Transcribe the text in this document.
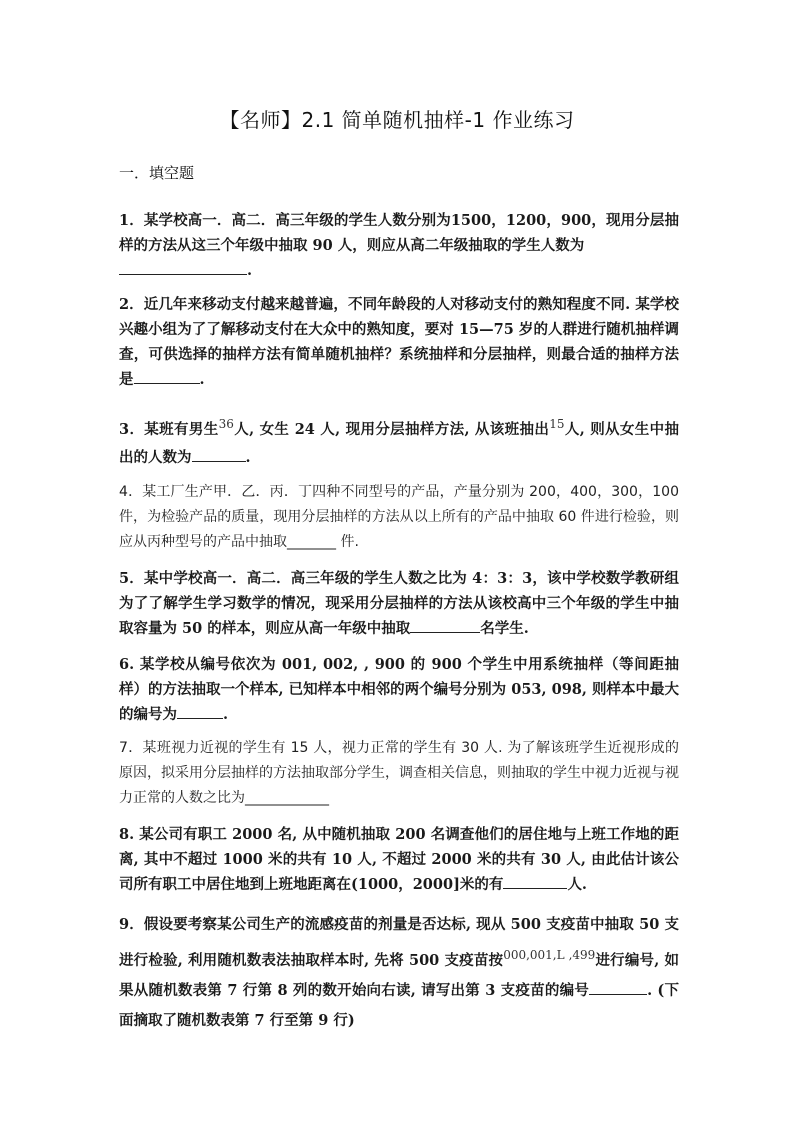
【名师】2.1 简单随机抽样-1 作业练习
一．填空题
1．某学校高一．高二．高三年级的学生人数分别为1500，1200，900，现用分层抽样的方法从这三个年级中抽取 90 人，则应从高二年级抽取的学生人数为
.
2．近几年来移动支付越来越普遍，不同年龄段的人对移动支付的熟知程度不同. 某学校兴趣小组为了了解移动支付在大众中的熟知度，要对 15—75 岁的人群进行随机抽样调查，可供选择的抽样方法有简单随机抽样？系统抽样和分层抽样，则最合适的抽样方法是	.
3．某班有男生$^{36}$人, 女生 24 人, 现用分层抽样方法, 从该班抽出$^{15}$人, 则从女生中抽出的人数为	.
4．某工厂生产甲．乙．丙．丁四种不同型号的产品，产量分别为 200，400，300，100 件，为检验产品的质量，现用分层抽样的方法从以上所有的产品中抽取 60 件进行检验，则应从丙种型号的产品中抽取_______ 件.
5．某中学校高一．高二．高三年级的学生人数之比为 4：3：3，该中学校数学教研组为了了解学生学习数学的情况，现采用分层抽样的方法从该校高中三个年级的学生中抽取容量为 50 的样本，则应从高一年级中抽取	名学生.
6. 某学校从编号依次为 001, 002, , 900 的 900 个学生中用系统抽样（等间距抽样）的方法抽取一个样本, 已知样本中相邻的两个编号分别为 053, 098, 则样本中最大的编号为	.
7．某班视力近视的学生有 15 人，视力正常的学生有 30 人. 为了解该班学生近视形成的原因，拟采用分层抽样的方法抽取部分学生，调查相关信息，则抽取的学生中视力近视与视力正常的人数之比为____________
8. 某公司有职工 2000 名, 从中随机抽取 200 名调查他们的居住地与上班工作地的距离, 其中不超过 1000 米的共有 10 人, 不超过 2000 米的共有 30 人, 由此估计该公司所有职工中居住地到上班地距离在(1000，2000]米的有	人.
9．假设要考察某公司生产的流感疫苗的剂量是否达标, 现从 500 支疫苗中抽取 50 支进行检验, 利用随机数表法抽取样本时, 先将 500 支疫苗按$^{000,001,L ,499}$进行编号, 如果从随机数表第 7 行第 8 列的数开始向右读, 请写出第 3 支疫苗的编号	. (下面摘取了随机数表第 7 行至第 9 行)
